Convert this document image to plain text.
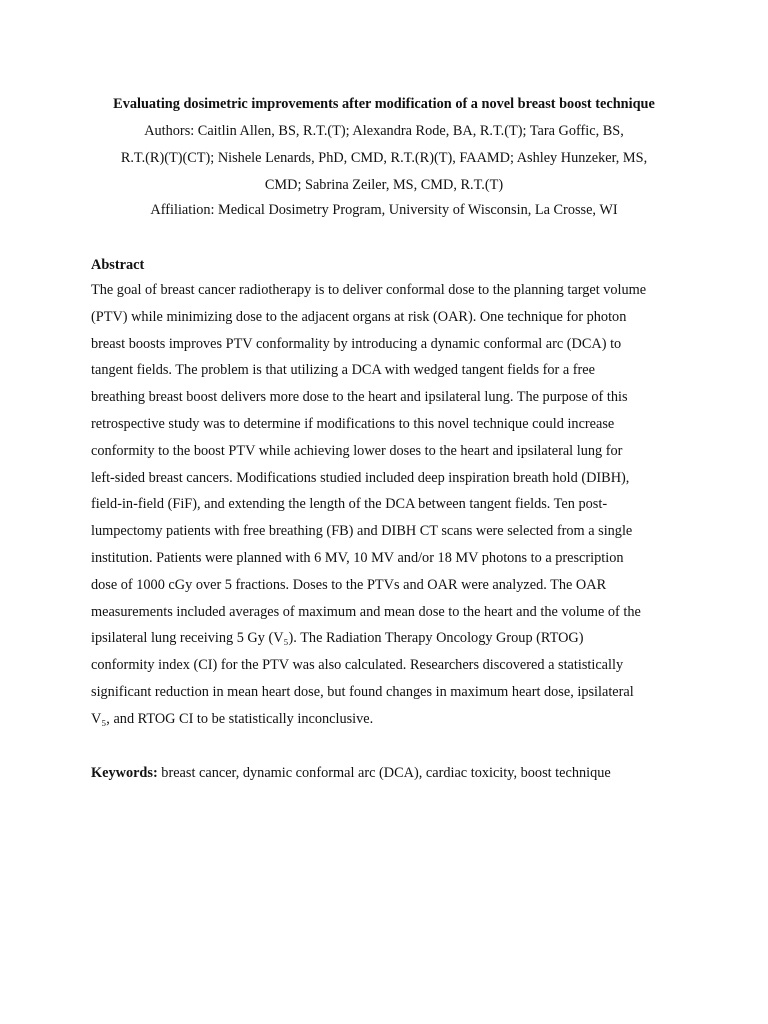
Evaluating dosimetric improvements after modification of a novel breast boost technique

Authors: Caitlin Allen, BS, R.T.(T); Alexandra Rode, BA, R.T.(T); Tara Goffic, BS,
R.T.(R)(T)(CT); Nishele Lenards, PhD, CMD, R.T.(R)(T), FAAMD; Ashley Hunzeker, MS,
CMD; Sabrina Zeiler, MS, CMD, R.T.(T)

Affiliation: Medical Dosimetry Program, University of Wisconsin, La Crosse, WI

Abstract

The goal of breast cancer radiotherapy is to deliver conformal dose to the planning target volume
(PTV) while minimizing dose to the adjacent organs at risk (OAR). One technique for photon
breast boosts improves PTV conformality by introducing a dynamic conformal arc (DCA) to
tangent fields. The problem is that utilizing a DCA with wedged tangent fields for a free
breathing breast boost delivers more dose to the heart and ipsilateral lung. The purpose of this
retrospective study was to determine if modifications to this novel technique could increase
conformity to the boost PTV while achieving lower doses to the heart and ipsilateral lung for
left-sided breast cancers. Modifications studied included deep inspiration breath hold (DIBH),
field-in-field (FiF), and extending the length of the DCA between tangent fields. Ten post-
lumpectomy patients with free breathing (FB) and DIBH CT scans were selected from a single
institution. Patients were planned with 6 MV, 10 MV and/or 18 MV photons to a prescription
dose of 1000 cGy over 5 fractions. Doses to the PTVs and OAR were analyzed. The OAR
measurements included averages of maximum and mean dose to the heart and the volume of the
ipsilateral lung receiving 5 Gy (V₅). The Radiation Therapy Oncology Group (RTOG)
conformity index (CI) for the PTV was also calculated. Researchers discovered a statistically
significant reduction in mean heart dose, but found changes in maximum heart dose, ipsilateral
V₅, and RTOG CI to be statistically inconclusive.

Keywords: breast cancer, dynamic conformal arc (DCA), cardiac toxicity, boost technique
